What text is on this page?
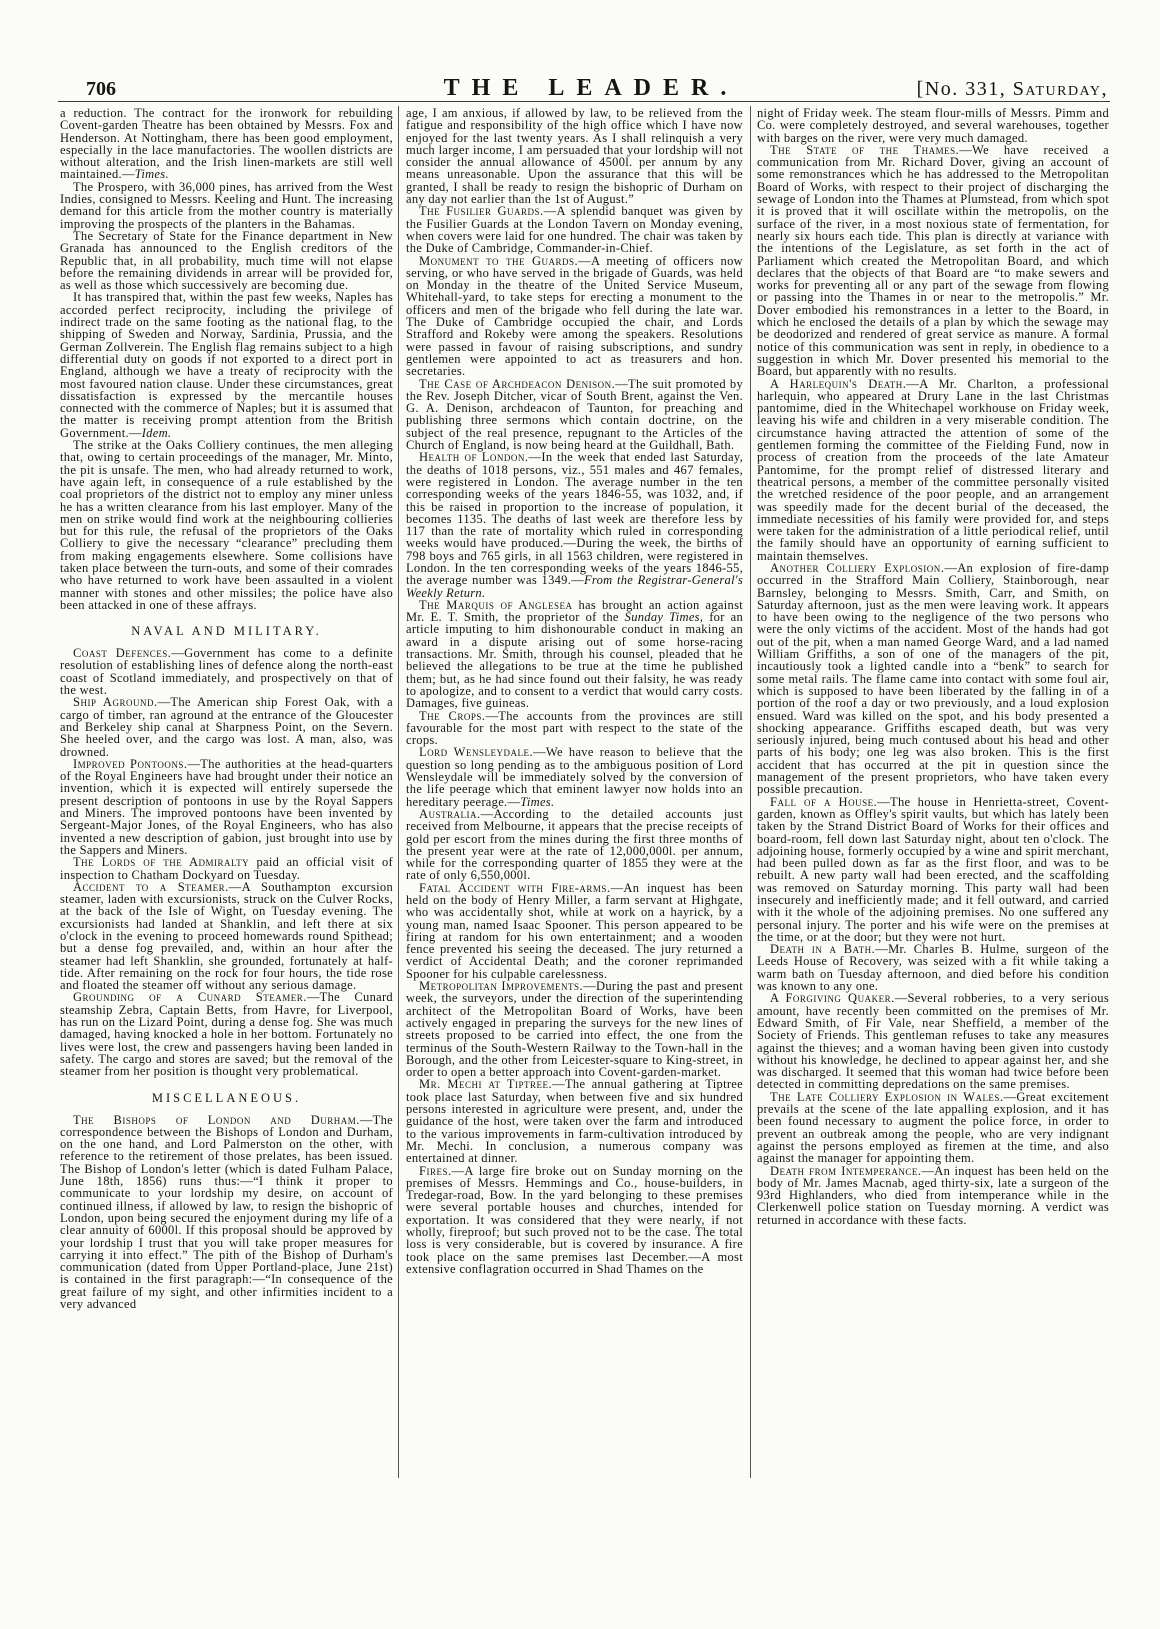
706	THE LEADER.	[No. 331, Saturday,

a reduction. The contract for the ironwork for rebuilding Covent-garden Theatre has been obtained by Messrs. Fox and Henderson. At Nottingham, there has been good employment, especially in the lace manufactories. The woollen districts are without alteration, and the Irish linen-markets are still well maintained.—Times.

The Prospero, with 36,000 pines, has arrived from the West Indies, consigned to Messrs. Keeling and Hunt. The increasing demand for this article from the mother country is materially improving the prospects of the planters in the Bahamas.

The Secretary of State for the Finance department in New Granada has announced to the English creditors of the Republic that, in all probability, much time will not elapse before the remaining dividends in arrear will be provided for, as well as those which successively are becoming due.

It has transpired that, within the past few weeks, Naples has accorded perfect reciprocity, including the privilege of indirect trade on the same footing as the national flag, to the shipping of Sweden and Norway, Sardinia, Prussia, and the German Zollverein. The English flag remains subject to a high differential duty on goods if not exported to a direct port in England, although we have a treaty of reciprocity with the most favoured nation clause. Under these circumstances, great dissatisfaction is expressed by the mercantile houses connected with the commerce of Naples; but it is assumed that the matter is receiving prompt attention from the British Government.—Idem.

The strike at the Oaks Colliery continues, the men alleging that, owing to certain proceedings of the manager, Mr. Minto, the pit is unsafe. The men, who had already returned to work, have again left, in consequence of a rule established by the coal proprietors of the district not to employ any miner unless he has a written clearance from his last employer. Many of the men on strike would find work at the neighbouring collieries but for this rule, the refusal of the proprietors of the Oaks Colliery to give the necessary “clearance” precluding them from making engagements elsewhere. Some collisions have taken place between the turn-outs, and some of their comrades who have returned to work have been assaulted in a violent manner with stones and other missiles; the police have also been attacked in one of these affrays.

NAVAL AND MILITARY.

Coast Defences.—Government has come to a definite resolution of establishing lines of defence along the north-east coast of Scotland immediately, and prospectively on that of the west.

Ship Aground.—The American ship Forest Oak, with a cargo of timber, ran aground at the entrance of the Gloucester and Berkeley ship canal at Sharpness Point, on the Severn. She heeled over, and the cargo was lost. A man, also, was drowned.

Improved Pontoons.—The authorities at the head-quarters of the Royal Engineers have had brought under their notice an invention, which it is expected will entirely supersede the present description of pontoons in use by the Royal Sappers and Miners. The improved pontoons have been invented by Sergeant-Major Jones, of the Royal Engineers, who has also invented a new description of gabion, just brought into use by the Sappers and Miners.

The Lords of the Admiralty paid an official visit of inspection to Chatham Dockyard on Tuesday.

Accident to a Steamer.—A Southampton excursion steamer, laden with excursionists, struck on the Culver Rocks, at the back of the Isle of Wight, on Tuesday evening. The excursionists had landed at Shanklin, and left there at six o'clock in the evening to proceed homewards round Spithead; but a dense fog prevailed, and, within an hour after the steamer had left Shanklin, she grounded, fortunately at half-tide. After remaining on the rock for four hours, the tide rose and floated the steamer off without any serious damage.

Grounding of a Cunard Steamer.—The Cunard steamship Zebra, Captain Betts, from Havre, for Liverpool, has run on the Lizard Point, during a dense fog. She was much damaged, having knocked a hole in her bottom. Fortunately no lives were lost, the crew and passengers having been landed in safety. The cargo and stores are saved; but the removal of the steamer from her position is thought very problematical.

MISCELLANEOUS.

The Bishops of London and Durham.—The correspondence between the Bishops of London and Durham, on the one hand, and Lord Palmerston on the other, with reference to the retirement of those prelates, has been issued. The Bishop of London's letter (which is dated Fulham Palace, June 18th, 1856) runs thus:—“I think it proper to communicate to your lordship my desire, on account of continued illness, if allowed by law, to resign the bishopric of London, upon being secured the enjoyment during my life of a clear annuity of 6000l. If this proposal should be approved by your lordship I trust that you will take proper measures for carrying it into effect.” The pith of the Bishop of Durham's communication (dated from Upper Portland-place, June 21st) is contained in the first paragraph:—“In consequence of the great failure of my sight, and other infirmities incident to a very advanced

age, I am anxious, if allowed by law, to be relieved from the fatigue and responsibility of the high office which I have now enjoyed for the last twenty years. As I shall relinquish a very much larger income, I am persuaded that your lordship will not consider the annual allowance of 4500l. per annum by any means unreasonable. Upon the assurance that this will be granted, I shall be ready to resign the bishopric of Durham on any day not earlier than the 1st of August.”

The Fusilier Guards.—A splendid banquet was given by the Fusilier Guards at the London Tavern on Monday evening, when covers were laid for one hundred. The chair was taken by the Duke of Cambridge, Commander-in-Chief.

Monument to the Guards.—A meeting of officers now serving, or who have served in the brigade of Guards, was held on Monday in the theatre of the United Service Museum, Whitehall-yard, to take steps for erecting a monument to the officers and men of the brigade who fell during the late war. The Duke of Cambridge occupied the chair, and Lords Strafford and Rokeby were among the speakers. Resolutions were passed in favour of raising subscriptions, and sundry gentlemen were appointed to act as treasurers and hon. secretaries.

The Case of Archdeacon Denison.—The suit promoted by the Rev. Joseph Ditcher, vicar of South Brent, against the Ven. G. A. Denison, archdeacon of Taunton, for preaching and publishing three sermons which contain doctrine, on the subject of the real presence, repugnant to the Articles of the Church of England, is now being heard at the Guildhall, Bath.

Health of London.—In the week that ended last Saturday, the deaths of 1018 persons, viz., 551 males and 467 females, were registered in London. The average number in the ten corresponding weeks of the years 1846-55, was 1032, and, if this be raised in proportion to the increase of population, it becomes 1135. The deaths of last week are therefore less by 117 than the rate of mortality which ruled in corresponding weeks would have produced.—During the week, the births of 798 boys and 765 girls, in all 1563 children, were registered in London. In the ten corresponding weeks of the years 1846-55, the average number was 1349.—From the Registrar-General's Weekly Return.

The Marquis of Anglesea has brought an action against Mr. E. T. Smith, the proprietor of the Sunday Times, for an article imputing to him dishonourable conduct in making an award in a dispute arising out of some horse-racing transactions. Mr. Smith, through his counsel, pleaded that he believed the allegations to be true at the time he published them; but, as he had since found out their falsity, he was ready to apologize, and to consent to a verdict that would carry costs. Damages, five guineas.

The Crops.—The accounts from the provinces are still favourable for the most part with respect to the state of the crops.

Lord Wensleydale.—We have reason to believe that the question so long pending as to the ambiguous position of Lord Wensleydale will be immediately solved by the conversion of the life peerage which that eminent lawyer now holds into an hereditary peerage.—Times.

Australia.—According to the detailed accounts just received from Melbourne, it appears that the precise receipts of gold per escort from the mines during the first three months of the present year were at the rate of 12,000,000l. per annum, while for the corresponding quarter of 1855 they were at the rate of only 6,550,000l.

Fatal Accident with Fire-arms.—An inquest has been held on the body of Henry Miller, a farm servant at Highgate, who was accidentally shot, while at work on a hayrick, by a young man, named Isaac Spooner. This person appeared to be firing at random for his own entertainment; and a wooden fence prevented his seeing the deceased. The jury returned a verdict of Accidental Death; and the coroner reprimanded Spooner for his culpable carelessness.

Metropolitan Improvements.—During the past and present week, the surveyors, under the direction of the superintending architect of the Metropolitan Board of Works, have been actively engaged in preparing the surveys for the new lines of streets proposed to be carried into effect, the one from the terminus of the South-Western Railway to the Town-hall in the Borough, and the other from Leicester-square to King-street, in order to open a better approach into Covent-garden-market.

Mr. Mechi at Tiptree.—The annual gathering at Tiptree took place last Saturday, when between five and six hundred persons interested in agriculture were present, and, under the guidance of the host, were taken over the farm and introduced to the various improvements in farm-cultivation introduced by Mr. Mechi. In conclusion, a numerous company was entertained at dinner.

Fires.—A large fire broke out on Sunday morning on the premises of Messrs. Hemmings and Co., house-builders, in Tredegar-road, Bow. In the yard belonging to these premises were several portable houses and churches, intended for exportation. It was considered that they were nearly, if not wholly, fireproof; but such proved not to be the case. The total loss is very considerable, but is covered by insurance. A fire took place on the same premises last December.—A most extensive conflagration occurred in Shad Thames on the

night of Friday week. The steam flour-mills of Messrs. Pimm and Co. were completely destroyed, and several warehouses, together with barges on the river, were very much damaged.

The State of the Thames.—We have received a communication from Mr. Richard Dover, giving an account of some remonstrances which he has addressed to the Metropolitan Board of Works, with respect to their project of discharging the sewage of London into the Thames at Plumstead, from which spot it is proved that it will oscillate within the metropolis, on the surface of the river, in a most noxious state of fermentation, for nearly six hours each tide. This plan is directly at variance with the intentions of the Legislature, as set forth in the act of Parliament which created the Metropolitan Board, and which declares that the objects of that Board are “to make sewers and works for preventing all or any part of the sewage from flowing or passing into the Thames in or near to the metropolis.” Mr. Dover embodied his remonstrances in a letter to the Board, in which he enclosed the details of a plan by which the sewage may be deodorized and rendered of great service as manure. A formal notice of this communication was sent in reply, in obedience to a suggestion in which Mr. Dover presented his memorial to the Board, but apparently with no results.

A Harlequin's Death.—A Mr. Charlton, a professional harlequin, who appeared at Drury Lane in the last Christmas pantomime, died in the Whitechapel workhouse on Friday week, leaving his wife and children in a very miserable condition. The circumstance having attracted the attention of some of the gentlemen forming the committee of the Fielding Fund, now in process of creation from the proceeds of the late Amateur Pantomime, for the prompt relief of distressed literary and theatrical persons, a member of the committee personally visited the wretched residence of the poor people, and an arrangement was speedily made for the decent burial of the deceased, the immediate necessities of his family were provided for, and steps were taken for the administration of a little periodical relief, until the family should have an opportunity of earning sufficient to maintain themselves.

Another Colliery Explosion.—An explosion of fire-damp occurred in the Strafford Main Colliery, Stainborough, near Barnsley, belonging to Messrs. Smith, Carr, and Smith, on Saturday afternoon, just as the men were leaving work. It appears to have been owing to the negligence of the two persons who were the only victims of the accident. Most of the hands had got out of the pit, when a man named George Ward, and a lad named William Griffiths, a son of one of the managers of the pit, incautiously took a lighted candle into a “benk” to search for some metal rails. The flame came into contact with some foul air, which is supposed to have been liberated by the falling in of a portion of the roof a day or two previously, and a loud explosion ensued. Ward was killed on the spot, and his body presented a shocking appearance. Griffiths escaped death, but was very seriously injured, being much contused about his head and other parts of his body; one leg was also broken. This is the first accident that has occurred at the pit in question since the management of the present proprietors, who have taken every possible precaution.

Fall of a House.—The house in Henrietta-street, Covent-garden, known as Offley's spirit vaults, but which has lately been taken by the Strand District Board of Works for their offices and board-room, fell down last Saturday night, about ten o'clock. The adjoining house, formerly occupied by a wine and spirit merchant, had been pulled down as far as the first floor, and was to be rebuilt. A new party wall had been erected, and the scaffolding was removed on Saturday morning. This party wall had been insecurely and inefficiently made; and it fell outward, and carried with it the whole of the adjoining premises. No one suffered any personal injury. The porter and his wife were on the premises at the time, or at the door; but they were not hurt.

Death in a Bath.—Mr. Charles B. Hulme, surgeon of the Leeds House of Recovery, was seized with a fit while taking a warm bath on Tuesday afternoon, and died before his condition was known to any one.

A Forgiving Quaker.—Several robberies, to a very serious amount, have recently been committed on the premises of Mr. Edward Smith, of Fir Vale, near Sheffield, a member of the Society of Friends. This gentleman refuses to take any measures against the thieves; and a woman having been given into custody without his knowledge, he declined to appear against her, and she was discharged. It seemed that this woman had twice before been detected in committing depredations on the same premises.

The Late Colliery Explosion in Wales.—Great excitement prevails at the scene of the late appalling explosion, and it has been found necessary to augment the police force, in order to prevent an outbreak among the people, who are very indignant against the persons employed as firemen at the time, and also against the manager for appointing them.

Death from Intemperance.—An inquest has been held on the body of Mr. James Macnab, aged thirty-six, late a surgeon of the 93rd Highlanders, who died from intemperance while in the Clerkenwell police station on Tuesday morning. A verdict was returned in accordance with these facts.
